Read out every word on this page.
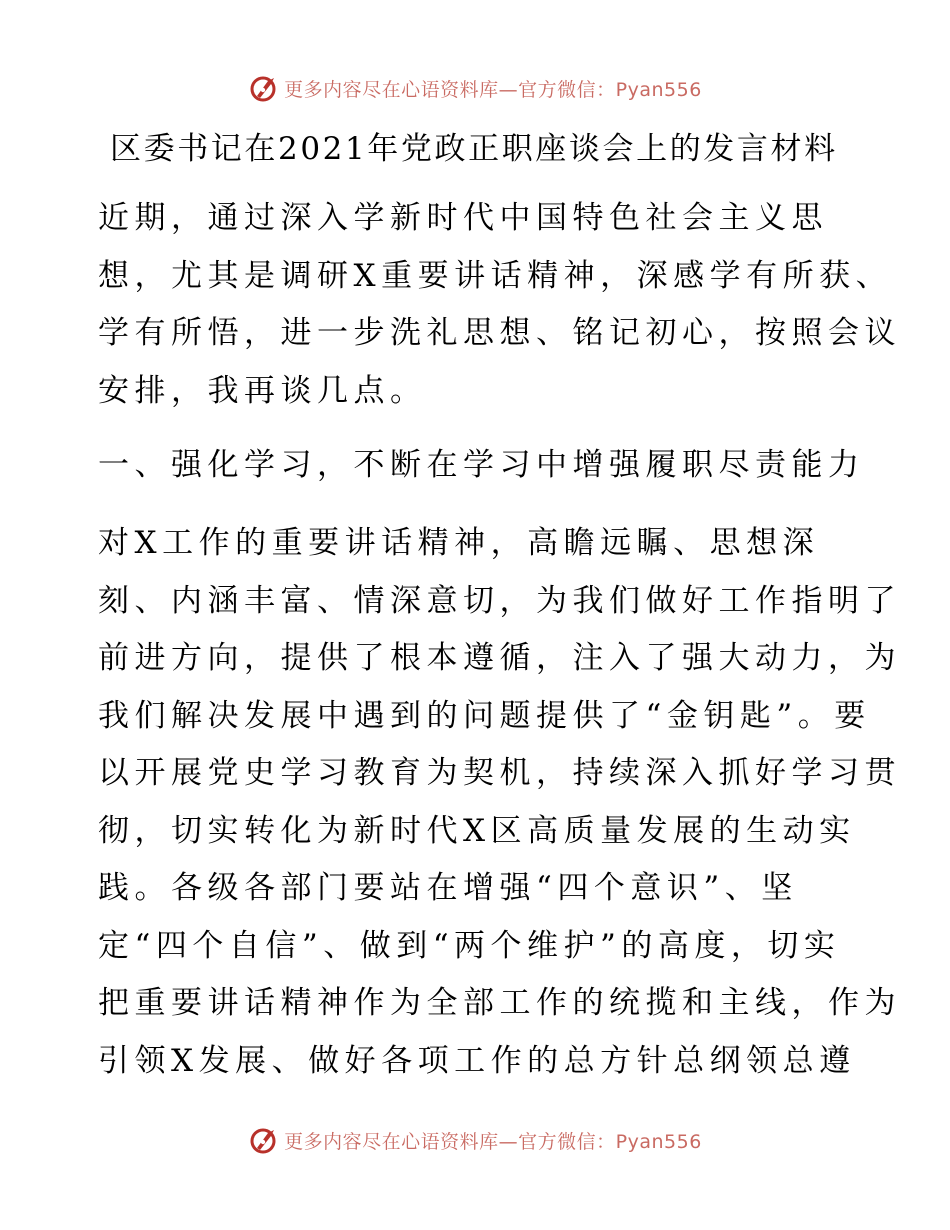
更多内容尽在心语资料库—官方微信：Pyan556
区委书记在2021年党政正职座谈会上的发言材料
近期，通过深入学新时代中国特色社会主义思
想，尤其是调研X重要讲话精神，深感学有所获、
学有所悟，进一步洗礼思想、铭记初心，按照会议
安排，我再谈几点。
一、强化学习，不断在学习中增强履职尽责能力
对X工作的重要讲话精神，高瞻远瞩、思想深
刻、内涵丰富、情深意切，为我们做好工作指明了
前进方向，提供了根本遵循，注入了强大动力，为
我们解决发展中遇到的问题提供了“金钥匙”。要
以开展党史学习教育为契机，持续深入抓好学习贯
彻，切实转化为新时代X区高质量发展的生动实
践。各级各部门要站在增强“四个意识”、坚
定“四个自信”、做到“两个维护”的高度，切实
把重要讲话精神作为全部工作的统揽和主线，作为
引领X发展、做好各项工作的总方针总纲领总遵
更多内容尽在心语资料库—官方微信：Pyan556
